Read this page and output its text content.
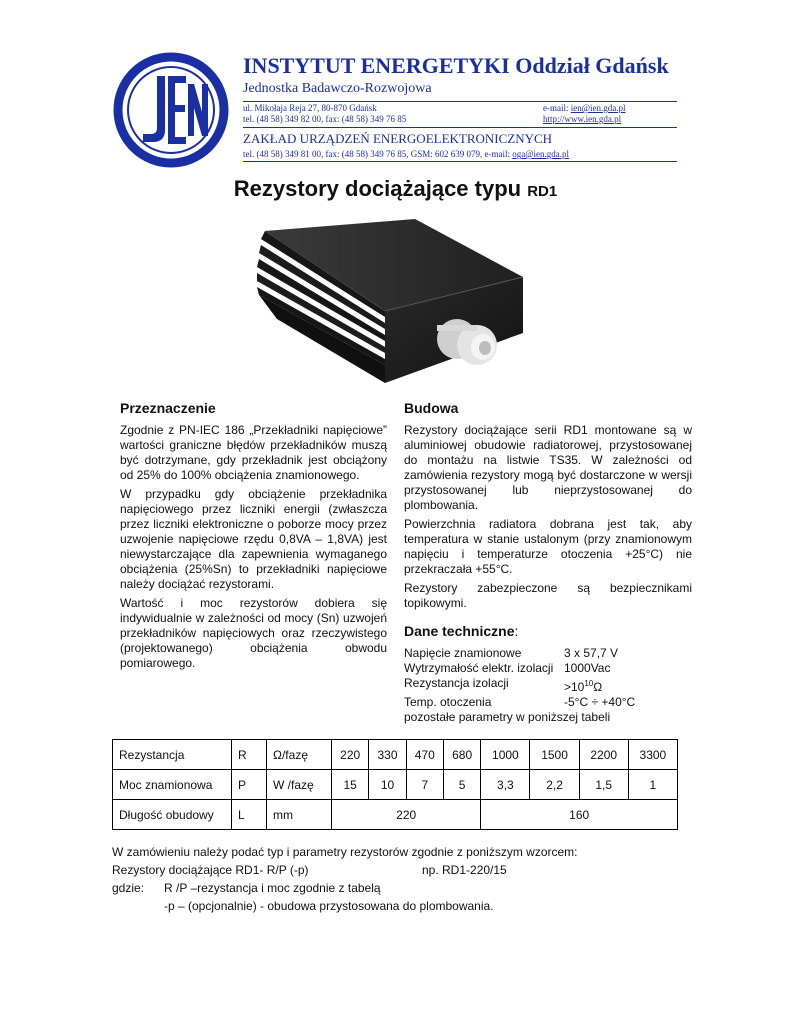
INSTYTUT ENERGETYKI Oddział Gdańsk
Jednostka Badawczo-Rozwojowa
ul. Mikołaja Reja 27, 80-870 Gdańsk
tel. (48 58) 349 82 00, fax: (48 58) 349 76 85
e-mail: ien@ien.gda.pl
http://www.ien.gda.pl
ZAKŁAD URZĄDZEŃ ENERGOELEKTRONICZNYCH
tel. (48 58) 349 81 00, fax: (48 58) 349 76 85, GSM: 602 639 079, e-mail: oga@ien.gda.pl
Rezystory dociążające typu RD1
Przeznaczenie

Zgodnie z PN-IEC 186 „Przekładniki napięciowe” wartości graniczne błędów przekładników muszą być dotrzymane, gdy przekładnik jest obciążony od 25% do 100% obciążenia znamionowego.

W przypadku gdy obciążenie przekładnika napięciowego przez liczniki energii (zwłaszcza przez liczniki elektroniczne o poborze mocy przez uzwojenie napięciowe rzędu 0,8VA – 1,8VA) jest niewystarczające dla zapewnienia wymaganego obciążenia (25%Sn) to przekładniki napięciowe należy dociążać rezystorami.

Wartość i moc rezystorów dobiera się indywidualnie w zależności od mocy (Sn) uzwojeń przekładników napięciowych oraz rzeczywistego (projektowanego) obciążenia obwodu pomiarowego.

Budowa

Rezystory dociążające serii RD1 montowane są w aluminiowej obudowie radiatorowej, przystosowanej do montażu na listwie TS35. W zależności od zamówienia rezystory mogą być dostarczone w wersji przystosowanej lub nieprzystosowanej do plombowania.

Powierzchnia radiatora dobrana jest tak, aby temperatura w stanie ustalonym (przy znamionowym napięciu i temperaturze otoczenia +25°C) nie przekraczała +55°C.

Rezystory zabezpieczone są bezpiecznikami topikowymi.

Dane techniczne:
Napięcie znamionowe	3 x 57,7 V
Wytrzymałość elektr. izolacji 1000Vac
Rezystancja izolacji	$>10^{10}\Omega$
Temp. otoczenia	-5°C ÷ +40°C
pozostałe parametry w poniższej tabeli
Rezystancja	R	Ω/fazę	220	330	470	680	1000	1500	2200	3300
Moc znamionowa	P	W /fazę	15	10	7	5	3,3	2,2	1,5	1
Długość obudowy	L	mm	220				160			
W zamówieniu należy podać typ i parametry rezystorów zgodnie z poniższym wzorcem:
Rezystory dociążające RD1- R/P (-p)	np. RD1-220/15
gdzie: R /P –rezystancja i moc zgodnie z tabelą
-p – (opcjonalnie) - obudowa przystosowana do plombowania.
